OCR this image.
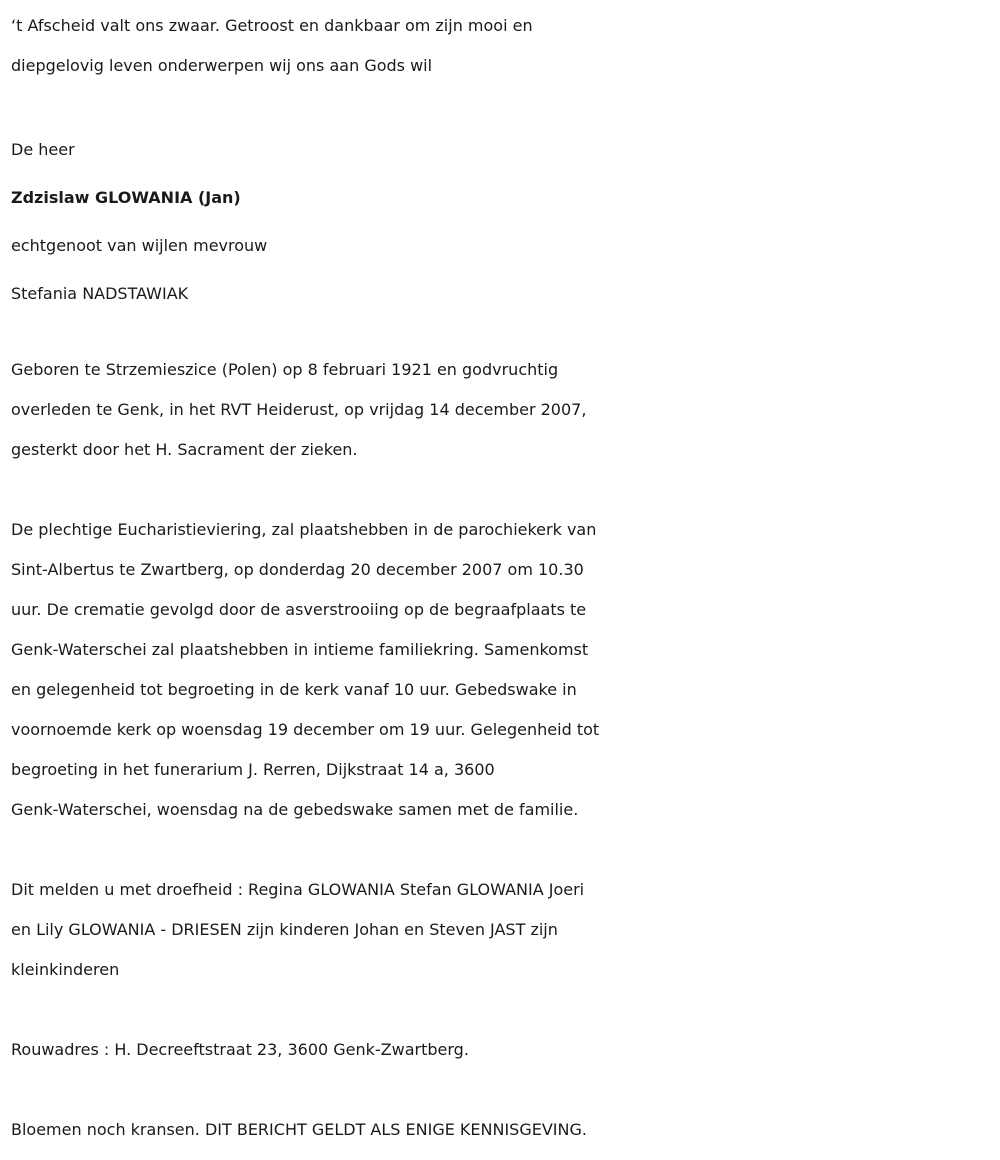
‘t Afscheid valt ons zwaar. Getroost en dankbaar om zijn mooi en
diepgelovig leven onderwerpen wij ons aan Gods wil
De heer
Zdzislaw GLOWANIA (Jan)
echtgenoot van wijlen mevrouw
Stefania NADSTAWIAK
Geboren te Strzemieszice (Polen) op 8 februari 1921 en godvruchtig
overleden te Genk, in het RVT Heiderust, op vrijdag 14 december 2007,
gesterkt door het H. Sacrament der zieken.
De plechtige Eucharistieviering, zal plaatshebben in de parochiekerk van
Sint-Albertus te Zwartberg, op donderdag 20 december 2007 om 10.30
uur. De crematie gevolgd door de asverstrooiing op de begraafplaats te
Genk-Waterschei zal plaatshebben in intieme familiekring. Samenkomst
en gelegenheid tot begroeting in de kerk vanaf 10 uur. Gebedswake in
voornoemde kerk op woensdag 19 december om 19 uur. Gelegenheid tot
begroeting in het funerarium J. Rerren, Dijkstraat 14 a, 3600
Genk-Waterschei, woensdag na de gebedswake samen met de familie.
Dit melden u met droefheid : Regina GLOWANIA Stefan GLOWANIA Joeri
en Lily GLOWANIA - DRIESEN zijn kinderen Johan en Steven JAST zijn
kleinkinderen
Rouwadres : H. Decreeftstraat 23, 3600 Genk-Zwartberg.
Bloemen noch kransen. DIT BERICHT GELDT ALS ENIGE KENNISGEVING.
